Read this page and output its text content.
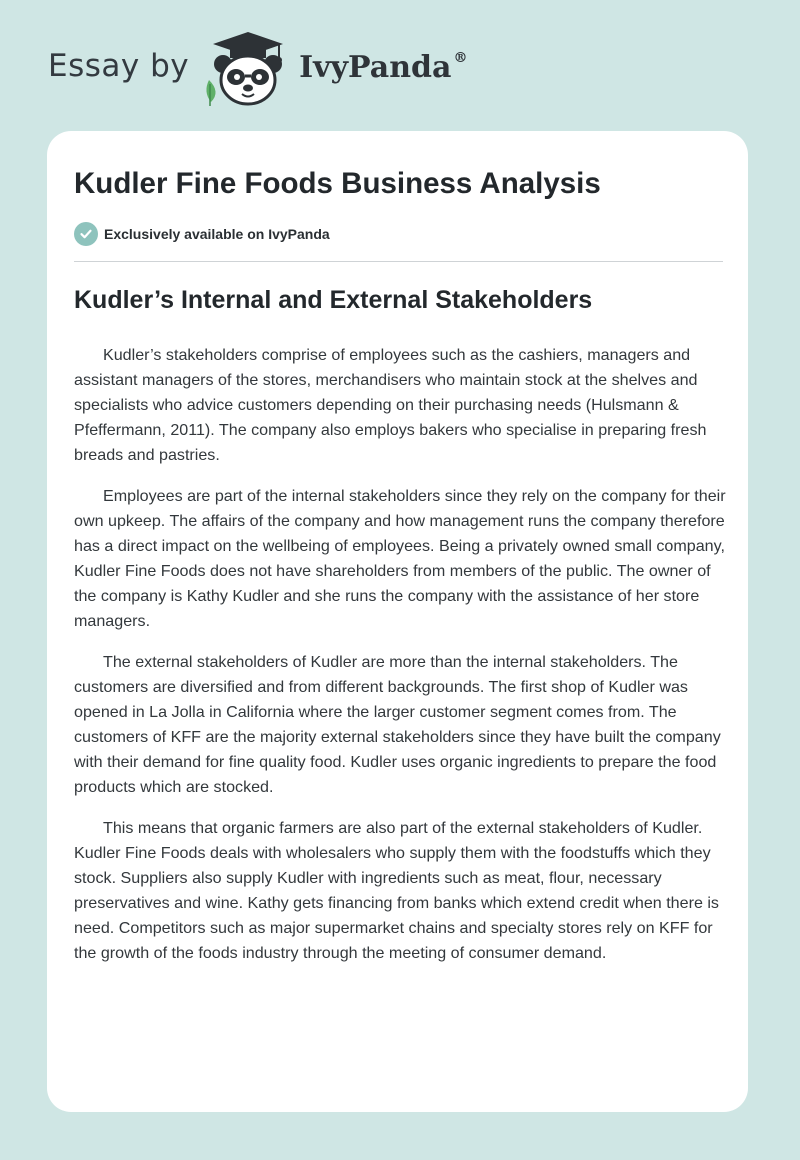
Essay by	IvyPanda ®
Kudler Fine Foods Business Analysis
Exclusively available on IvyPanda
Kudler’s Internal and External Stakeholders

Kudler’s stakeholders comprise of employees such as the cashiers, managers and assistant managers of the stores, merchandisers who maintain stock at the shelves and specialists who advice customers depending on their purchasing needs (Hulsmann & Pfeffermann, 2011). The company also employs bakers who specialise in preparing fresh breads and pastries.

Employees are part of the internal stakeholders since they rely on the company for their own upkeep. The affairs of the company and how management runs the company therefore has a direct impact on the wellbeing of employees. Being a privately owned small company, Kudler Fine Foods does not have shareholders from members of the public. The owner of the company is Kathy Kudler and she runs the company with the assistance of her store managers.

The external stakeholders of Kudler are more than the internal stakeholders. The customers are diversified and from different backgrounds. The first shop of Kudler was opened in La Jolla in California where the larger customer segment comes from. The customers of KFF are the majority external stakeholders since they have built the company with their demand for fine quality food. Kudler uses organic ingredients to prepare the food products which are stocked.

This means that organic farmers are also part of the external stakeholders of Kudler. Kudler Fine Foods deals with wholesalers who supply them with the foodstuffs which they stock. Suppliers also supply Kudler with ingredients such as meat, flour, necessary preservatives and wine. Kathy gets financing from banks which extend credit when there is need. Competitors such as major supermarket chains and specialty stores rely on KFF for the growth of the foods industry through the meeting of consumer demand.
